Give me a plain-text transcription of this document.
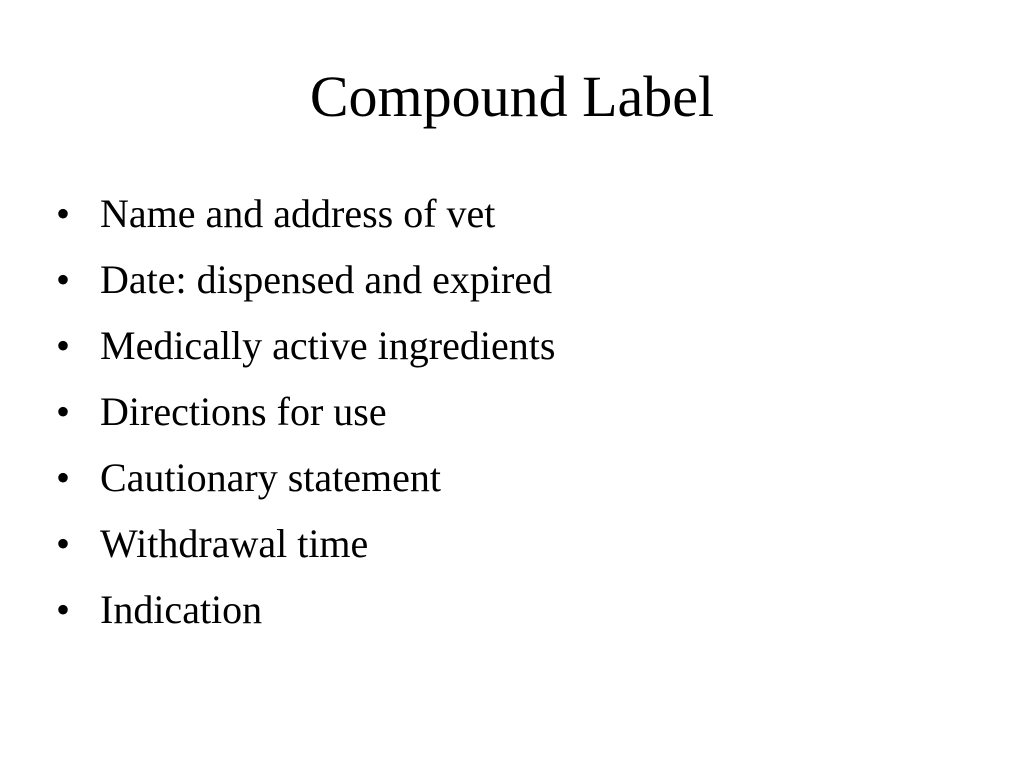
Compound Label
• Name and address of vet
• Date: dispensed and expired
• Medically active ingredients
• Directions for use
• Cautionary statement
• Withdrawal time
• Indication
